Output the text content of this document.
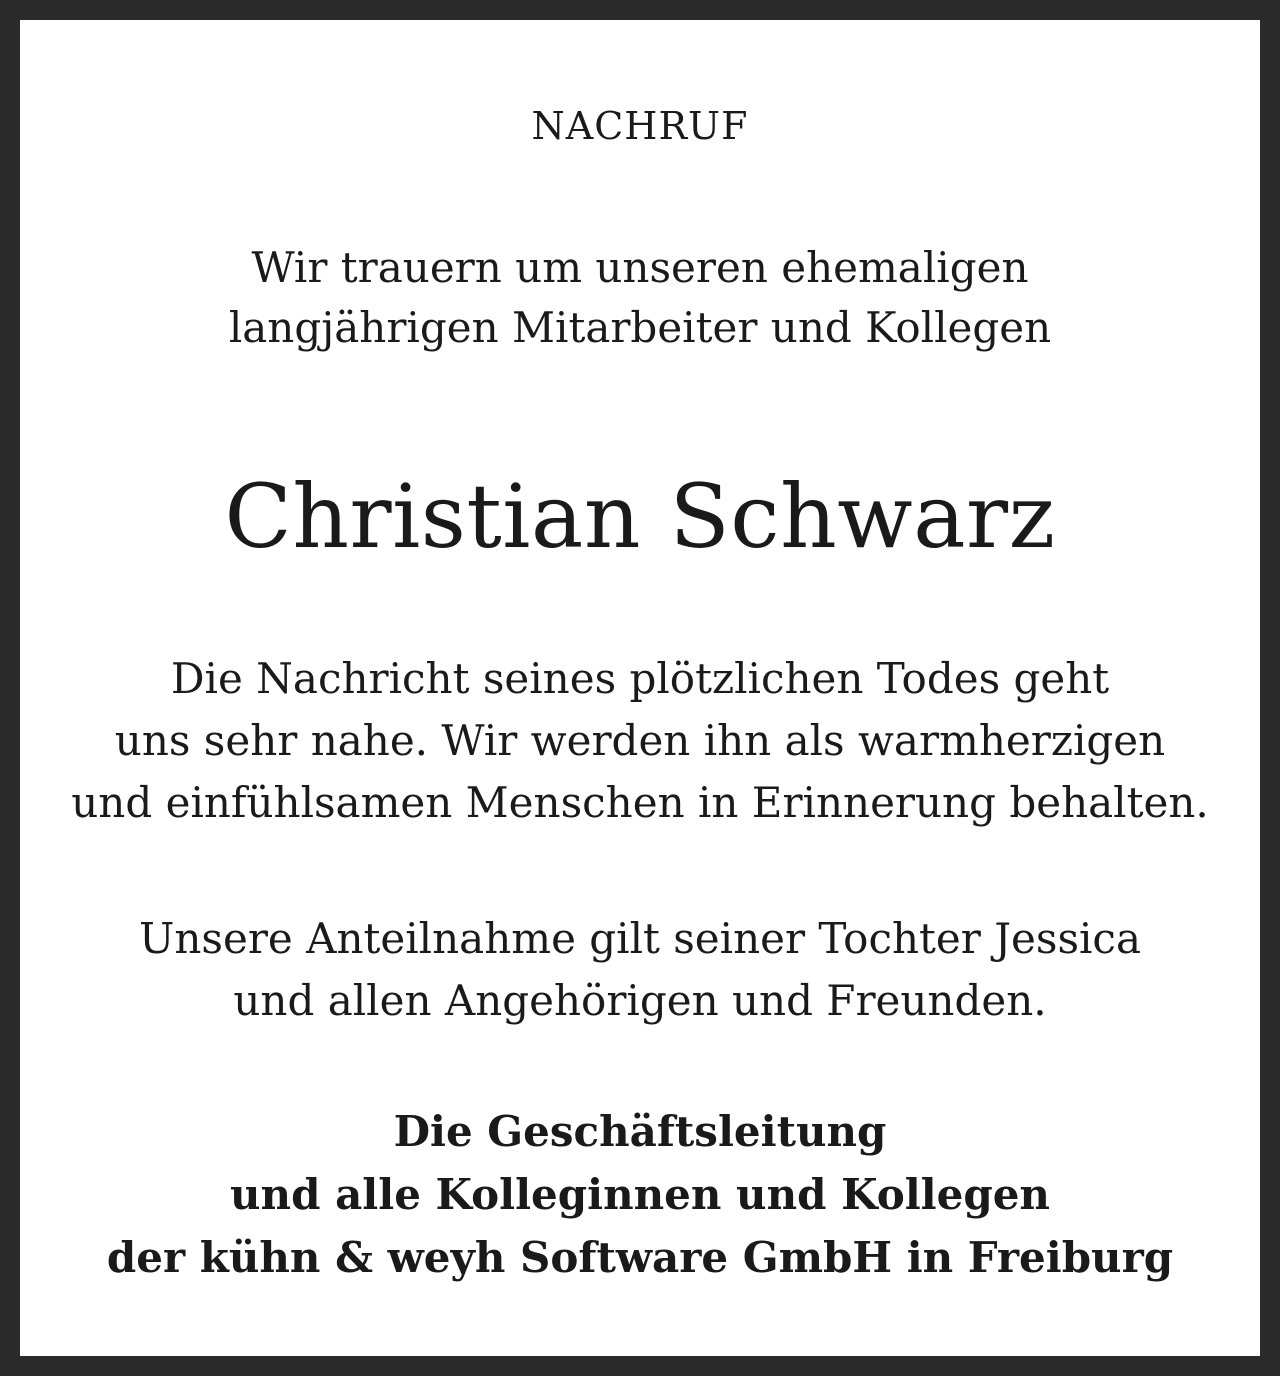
NACHRUF
Wir trauern um unseren ehemaligen
langjährigen Mitarbeiter und Kollegen
Christian Schwarz
Die Nachricht seines plötzlichen Todes geht
uns sehr nahe. Wir werden ihn als warmherzigen
und einfühlsamen Menschen in Erinnerung behalten.
Unsere Anteilnahme gilt seiner Tochter Jessica
und allen Angehörigen und Freunden.
Die Geschäftsleitung
und alle Kolleginnen und Kollegen
der kühn & weyh Software GmbH in Freiburg
